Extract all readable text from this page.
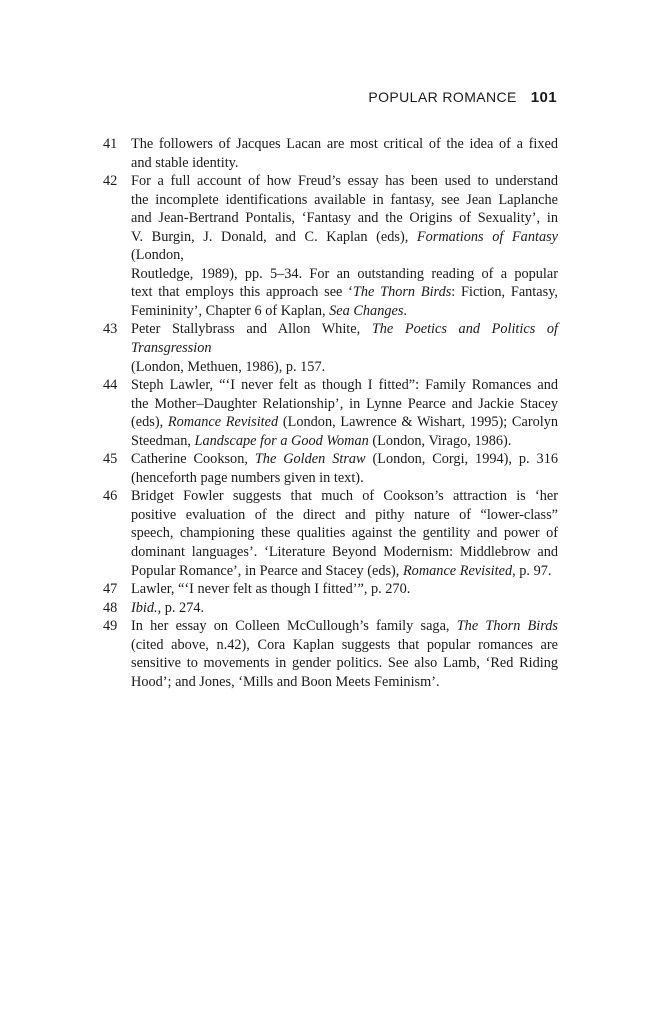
POPULAR ROMANCE 101
41 The followers of Jacques Lacan are most critical of the idea of a fixed
and stable identity.
42 For a full account of how Freud’s essay has been used to understand
the incomplete identifications available in fantasy, see Jean Laplanche
and Jean-Bertrand Pontalis, ‘Fantasy and the Origins of Sexuality’, in
V. Burgin, J. Donald, and C. Kaplan (eds), Formations of Fantasy (London,
Routledge, 1989), pp. 5–34. For an outstanding reading of a popular
text that employs this approach see ‘The Thorn Birds: Fiction, Fantasy,
Femininity’, Chapter 6 of Kaplan, Sea Changes.
43 Peter Stallybrass and Allon White, The Poetics and Politics of Transgression
(London, Methuen, 1986), p. 157.
44 Steph Lawler, “‘I never felt as though I fitted”: Family Romances and
the Mother–Daughter Relationship’, in Lynne Pearce and Jackie Stacey
(eds), Romance Revisited (London, Lawrence & Wishart, 1995); Carolyn
Steedman, Landscape for a Good Woman (London, Virago, 1986).
45 Catherine Cookson, The Golden Straw (London, Corgi, 1994), p. 316
(henceforth page numbers given in text).
46 Bridget Fowler suggests that much of Cookson’s attraction is ‘her
positive evaluation of the direct and pithy nature of “lower-class”
speech, championing these qualities against the gentility and power of
dominant languages’. ‘Literature Beyond Modernism: Middlebrow and
Popular Romance’, in Pearce and Stacey (eds), Romance Revisited, p. 97.
47 Lawler, “‘I never felt as though I fitted’”, p. 270.
48 Ibid., p. 274.
49 In her essay on Colleen McCullough’s family saga, The Thorn Birds
(cited above, n.42), Cora Kaplan suggests that popular romances are
sensitive to movements in gender politics. See also Lamb, ‘Red Riding
Hood’; and Jones, ‘Mills and Boon Meets Feminism’.
